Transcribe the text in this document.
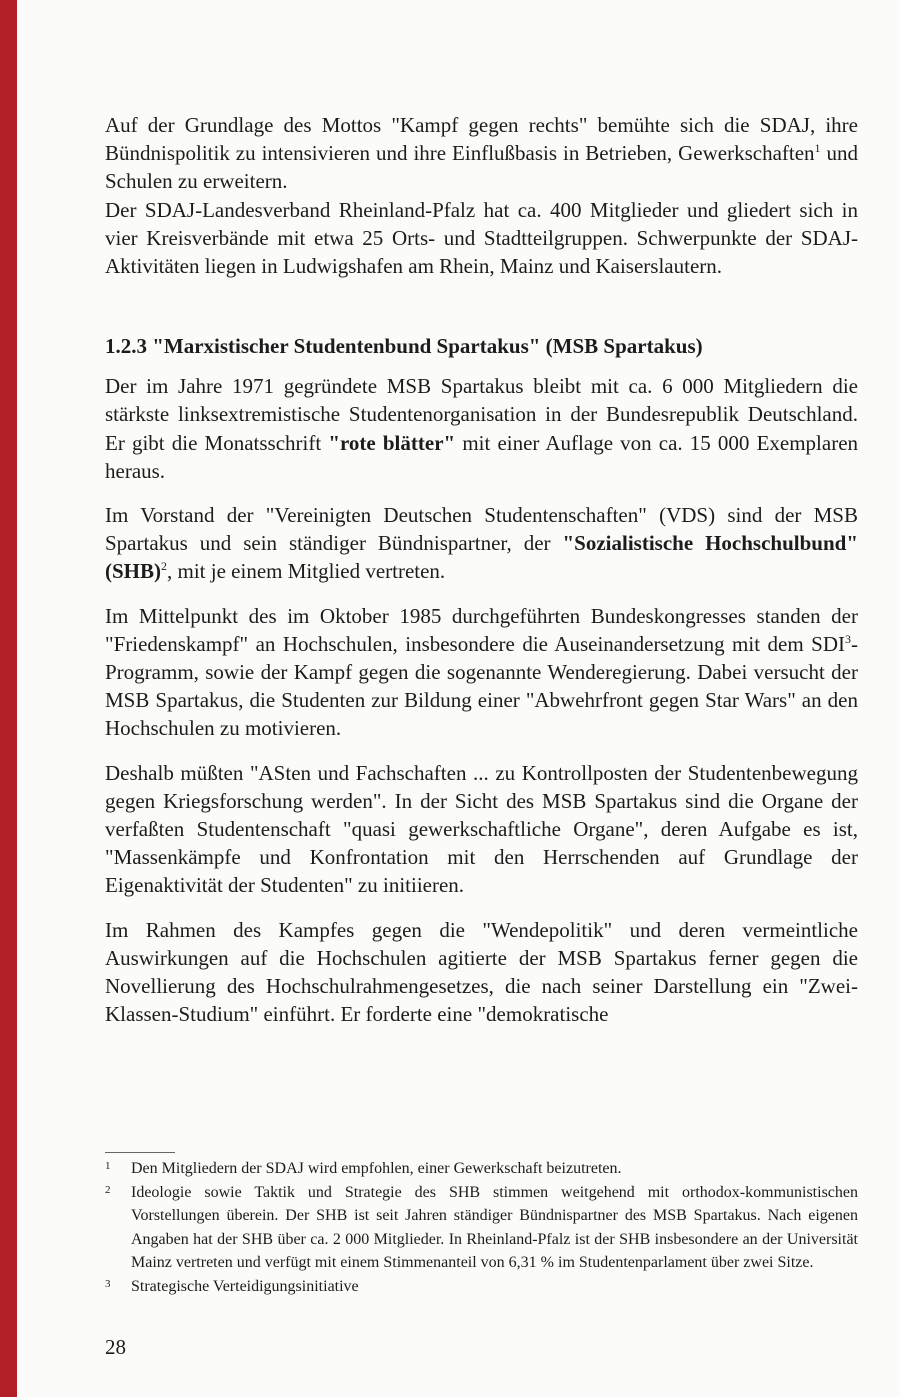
Auf der Grundlage des Mottos "Kampf gegen rechts" bemühte sich die SDAJ, ihre Bündnispolitik zu intensivieren und ihre Einflußbasis in Betrieben, Gewerkschaften$^1$ und Schulen zu erweitern.

Der SDAJ-Landesverband Rheinland-Pfalz hat ca. 400 Mitglieder und gliedert sich in vier Kreisverbände mit etwa 25 Orts- und Stadtteilgruppen. Schwerpunkte der SDAJ-Aktivitäten liegen in Ludwigshafen am Rhein, Mainz und Kaiserslautern.

1.2.3 "Marxistischer Studentenbund Spartakus" (MSB Spartakus)

Der im Jahre 1971 gegründete MSB Spartakus bleibt mit ca. 6 000 Mitgliedern die stärkste linksextremistische Studentenorganisation in der Bundesrepublik Deutschland. Er gibt die Monatsschrift "rote blätter" mit einer Auflage von ca. 15 000 Exemplaren heraus.

Im Vorstand der "Vereinigten Deutschen Studentenschaften" (VDS) sind der MSB Spartakus und sein ständiger Bündnispartner, der "Sozialistische Hochschulbund" (SHB)$^2$, mit je einem Mitglied vertreten.

Im Mittelpunkt des im Oktober 1985 durchgeführten Bundeskongresses standen der "Friedenskampf" an Hochschulen, insbesondere die Auseinandersetzung mit dem SDI$^3$-Programm, sowie der Kampf gegen die sogenannte Wenderegierung. Dabei versucht der MSB Spartakus, die Studenten zur Bildung einer "Abwehrfront gegen Star Wars" an den Hochschulen zu motivieren.

Deshalb müßten "ASten und Fachschaften ... zu Kontrollposten der Studentenbewegung gegen Kriegsforschung werden". In der Sicht des MSB Spartakus sind die Organe der verfaßten Studentenschaft "quasi gewerkschaftliche Organe", deren Aufgabe es ist, "Massenkämpfe und Konfrontation mit den Herrschenden auf Grundlage der Eigenaktivität der Studenten" zu initiieren.

Im Rahmen des Kampfes gegen die "Wendepolitik" und deren vermeintliche Auswirkungen auf die Hochschulen agitierte der MSB Spartakus ferner gegen die Novellierung des Hochschulrahmengesetzes, die nach seiner Darstellung ein "Zwei-Klassen-Studium" einführt. Er forderte eine "demokratische

1	Den Mitgliedern der SDAJ wird empfohlen, einer Gewerkschaft beizutreten.
2	Ideologie sowie Taktik und Strategie des SHB stimmen weitgehend mit orthodox-kommunistischen Vorstellungen überein. Der SHB ist seit Jahren ständiger Bündnispartner des MSB Spartakus. Nach eigenen Angaben hat der SHB über ca. 2 000 Mitglieder. In Rheinland-Pfalz ist der SHB insbesondere an der Universität Mainz vertreten und verfügt mit einem Stimmenanteil von 6,31 % im Studentenparlament über zwei Sitze.
3	Strategische Verteidigungsinitiative
28
